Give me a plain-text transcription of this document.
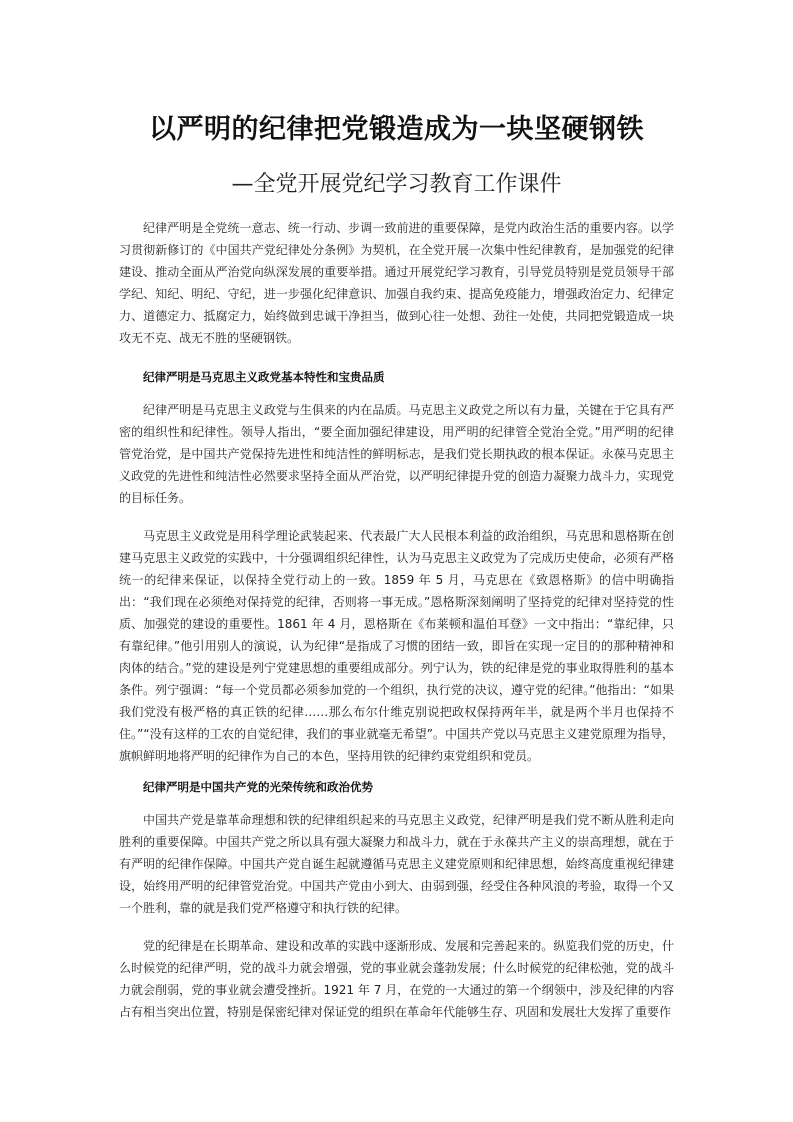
以严明的纪律把党锻造成为一块坚硬钢铁
—全党开展党纪学习教育工作课件

纪律严明是全党统一意志、统一行动、步调一致前进的重要保障，是党内政治生活的重要内容。以学习贯彻新修订的《中国共产党纪律处分条例》为契机，在全党开展一次集中性纪律教育，是加强党的纪律建设、推动全面从严治党向纵深发展的重要举措。通过开展党纪学习教育，引导党员特别是党员领导干部学纪、知纪、明纪、守纪，进一步强化纪律意识、加强自我约束、提高免疫能力，增强政治定力、纪律定力、道德定力、抵腐定力，始终做到忠诚干净担当，做到心往一处想、劲往一处使，共同把党锻造成一块攻无不克、战无不胜的坚硬钢铁。

纪律严明是马克思主义政党基本特性和宝贵品质

纪律严明是马克思主义政党与生俱来的内在品质。马克思主义政党之所以有力量，关键在于它具有严密的组织性和纪律性。领导人指出，“要全面加强纪律建设，用严明的纪律管全党治全党。”用严明的纪律管党治党，是中国共产党保持先进性和纯洁性的鲜明标志，是我们党长期执政的根本保证。永葆马克思主义政党的先进性和纯洁性必然要求坚持全面从严治党，以严明纪律提升党的创造力凝聚力战斗力，实现党的目标任务。

马克思主义政党是用科学理论武装起来、代表最广大人民根本利益的政治组织，马克思和恩格斯在创建马克思主义政党的实践中，十分强调组织纪律性，认为马克思主义政党为了完成历史使命，必须有严格统一的纪律来保证，以保持全党行动上的一致。1859 年 5 月，马克思在《致恩格斯》的信中明确指出：“我们现在必须绝对保持党的纪律，否则将一事无成。”恩格斯深刻阐明了坚持党的纪律对坚持党的性质、加强党的建设的重要性。1861 年 4 月，恩格斯在《布莱顿和温伯耳登》一文中指出：“靠纪律，只有靠纪律。”他引用别人的演说，认为纪律“是指成了习惯的团结一致，即旨在实现一定目的的那种精神和肉体的结合。”党的建设是列宁党建思想的重要组成部分。列宁认为，铁的纪律是党的事业取得胜利的基本条件。列宁强调：“每一个党员都必须参加党的一个组织，执行党的决议，遵守党的纪律。”他指出：“如果我们党没有极严格的真正铁的纪律……那么布尔什维克别说把政权保持两年半，就是两个半月也保持不住。”“没有这样的工农的自觉纪律，我们的事业就毫无希望”。中国共产党以马克思主义建党原理为指导，旗帜鲜明地将严明的纪律作为自己的本色，坚持用铁的纪律约束党组织和党员。

纪律严明是中国共产党的光荣传统和政治优势

中国共产党是靠革命理想和铁的纪律组织起来的马克思主义政党，纪律严明是我们党不断从胜利走向胜利的重要保障。中国共产党之所以具有强大凝聚力和战斗力，就在于永葆共产主义的崇高理想，就在于有严明的纪律作保障。中国共产党自诞生起就遵循马克思主义建党原则和纪律思想，始终高度重视纪律建设，始终用严明的纪律管党治党。中国共产党由小到大、由弱到强，经受住各种风浪的考验，取得一个又一个胜利，靠的就是我们党严格遵守和执行铁的纪律。

党的纪律是在长期革命、建设和改革的实践中逐渐形成、发展和完善起来的。纵览我们党的历史，什么时候党的纪律严明，党的战斗力就会增强，党的事业就会蓬勃发展；什么时候党的纪律松弛，党的战斗力就会削弱，党的事业就会遭受挫折。1921 年 7 月，在党的一大通过的第一个纲领中，涉及纪律的内容占有相当突出位置，特别是保密纪律对保证党的组织在革命年代能够生存、巩固和发展壮大发挥了重要作
